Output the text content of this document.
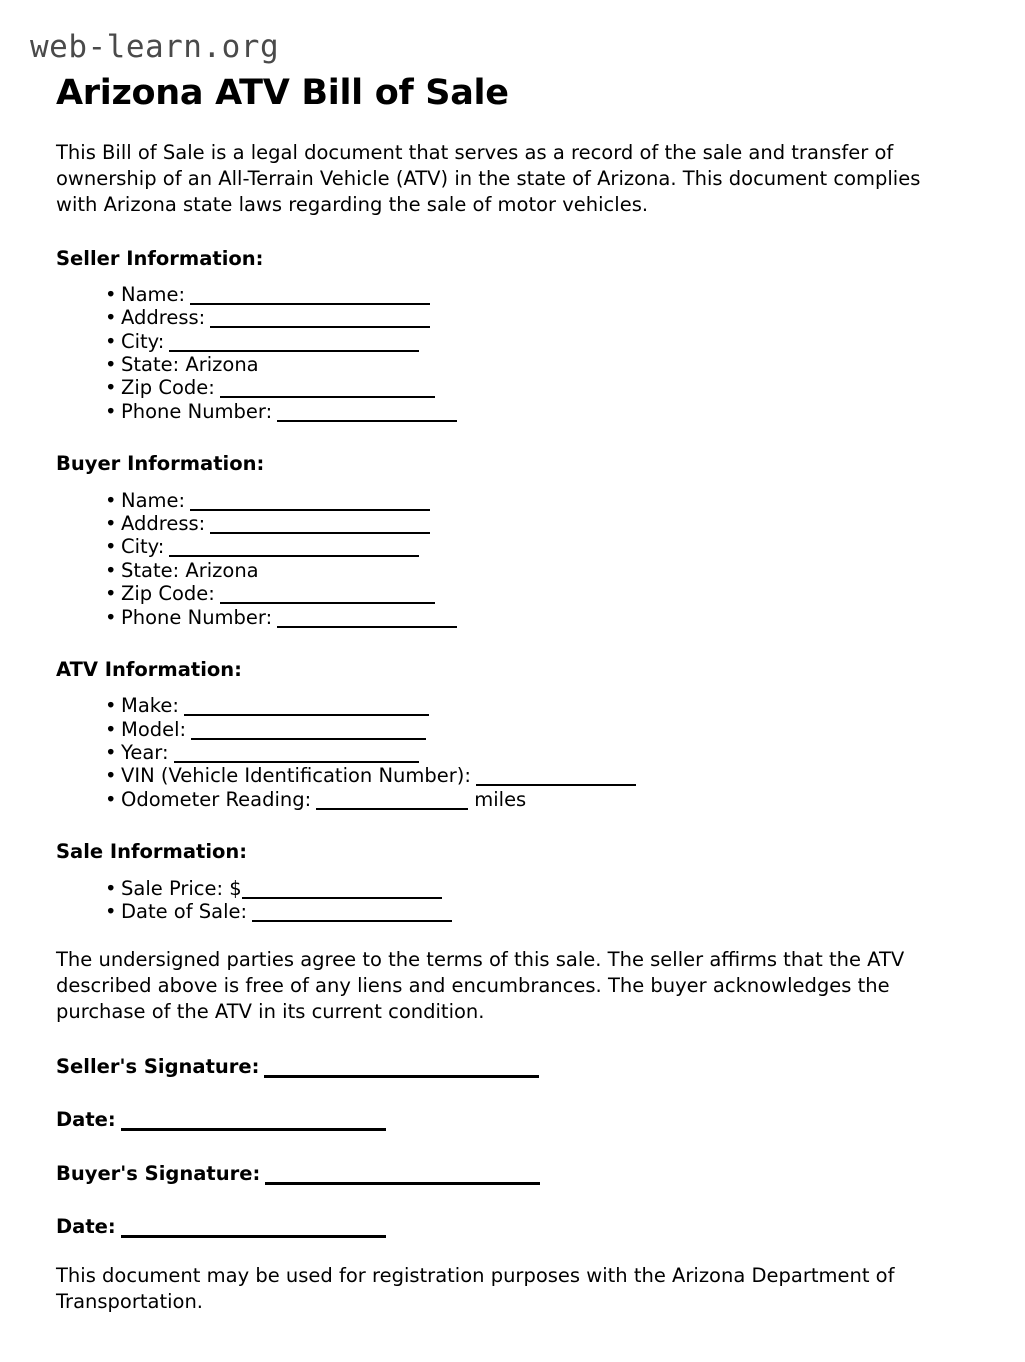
web-learn.org
Arizona ATV Bill of Sale

This Bill of Sale is a legal document that serves as a record of the sale and transfer of ownership of an All-Terrain Vehicle (ATV) in the state of Arizona. This document complies with Arizona state laws regarding the sale of motor vehicles.

Seller Information:
• Name:
• Address:
• City:
• State: Arizona
• Zip Code:
• Phone Number:
Buyer Information:
• Name:
• Address:
• City:
• State: Arizona
• Zip Code:
• Phone Number:
ATV Information:
• Make:
• Model:
• Year:
• VIN (Vehicle Identification Number):
• Odometer Reading:	miles
Sale Information:
• Sale Price: $
• Date of Sale:

The undersigned parties agree to the terms of this sale. The seller affirms that the ATV described above is free of any liens and encumbrances. The buyer acknowledges the purchase of the ATV in its current condition.

Seller's Signature:
Date:
Buyer's Signature:
Date:

This document may be used for registration purposes with the Arizona Department of Transportation.
